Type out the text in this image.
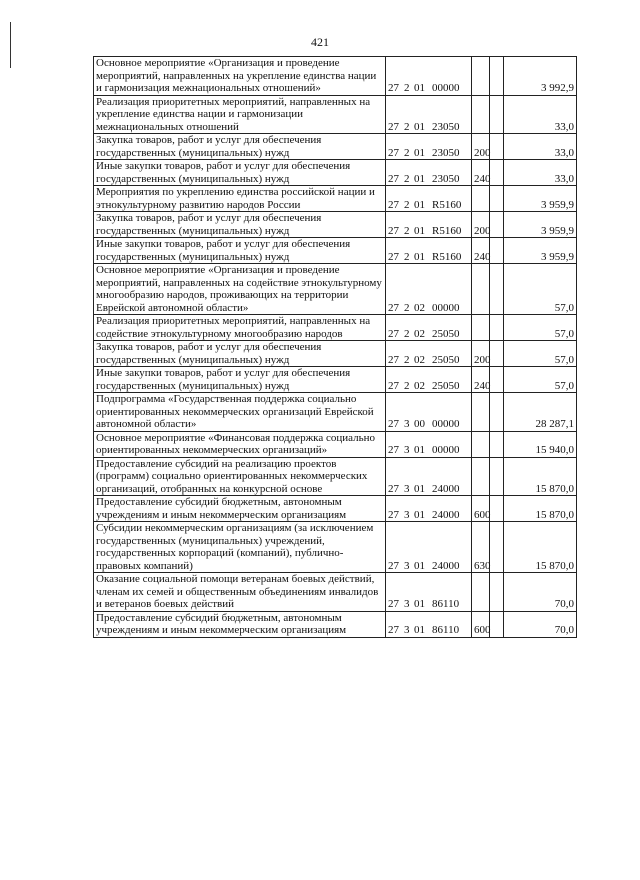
421
Основное мероприятие «Организация и проведение мероприятий, направленных на укрепление единства нации и гармонизация межнациональных отношений»	27 2 01 00000			3 992,9
Реализация приоритетных мероприятий, направленных на укрепление единства нации и гармонизации межнациональных отношений	27 2 01 23050			33,0
Закупка товаров, работ и услуг для обеспечения государственных (муниципальных) нужд	27 2 01 23050	200		33,0
Иные закупки товаров, работ и услуг для обеспечения государственных (муниципальных) нужд	27 2 01 23050	240		33,0
Мероприятия по укреплению единства российской нации и этнокультурному развитию народов России	27 2 01 R5160			3 959,9
Закупка товаров, работ и услуг для обеспечения государственных (муниципальных) нужд	27 2 01 R5160	200		3 959,9
Иные закупки товаров, работ и услуг для обеспечения государственных (муниципальных) нужд	27 2 01 R5160	240		3 959,9
Основное мероприятие «Организация и проведение мероприятий, направленных на содействие этнокультурному многообразию народов, проживающих на территории Еврейской автономной области»	27 2 02 00000			57,0
Реализация приоритетных мероприятий, направленных на содействие этнокультурному многообразию народов	27 2 02 25050			57,0
Закупка товаров, работ и услуг для обеспечения государственных (муниципальных) нужд	27 2 02 25050	200		57,0
Иные закупки товаров, работ и услуг для обеспечения государственных (муниципальных) нужд	27 2 02 25050	240		57,0
Подпрограмма «Государственная поддержка социально ориентированных некоммерческих организаций Еврейской автономной области»	27 3 00 00000			28 287,1
Основное мероприятие «Финансовая поддержка социально ориентированных некоммерческих организаций»	27 3 01 00000			15 940,0
Предоставление субсидий на реализацию проектов (программ) социально ориентированных некоммерческих организаций, отобранных на конкурсной основе	27 3 01 24000			15 870,0
Предоставление субсидий бюджетным, автономным учреждениям и иным некоммерческим организациям	27 3 01 24000	600		15 870,0
Субсидии некоммерческим организациям (за исключением государственных (муниципальных) учреждений, государственных корпораций (компаний), публично-правовых компаний)	27 3 01 24000	630		15 870,0
Оказание социальной помощи ветеранам боевых действий, членам их семей и общественным объединениям инвалидов и ветеранов боевых действий	27 3 01 86110			70,0
Предоставление субсидий бюджетным, автономным учреждениям и иным некоммерческим организациям	27 3 01 86110	600		70,0
